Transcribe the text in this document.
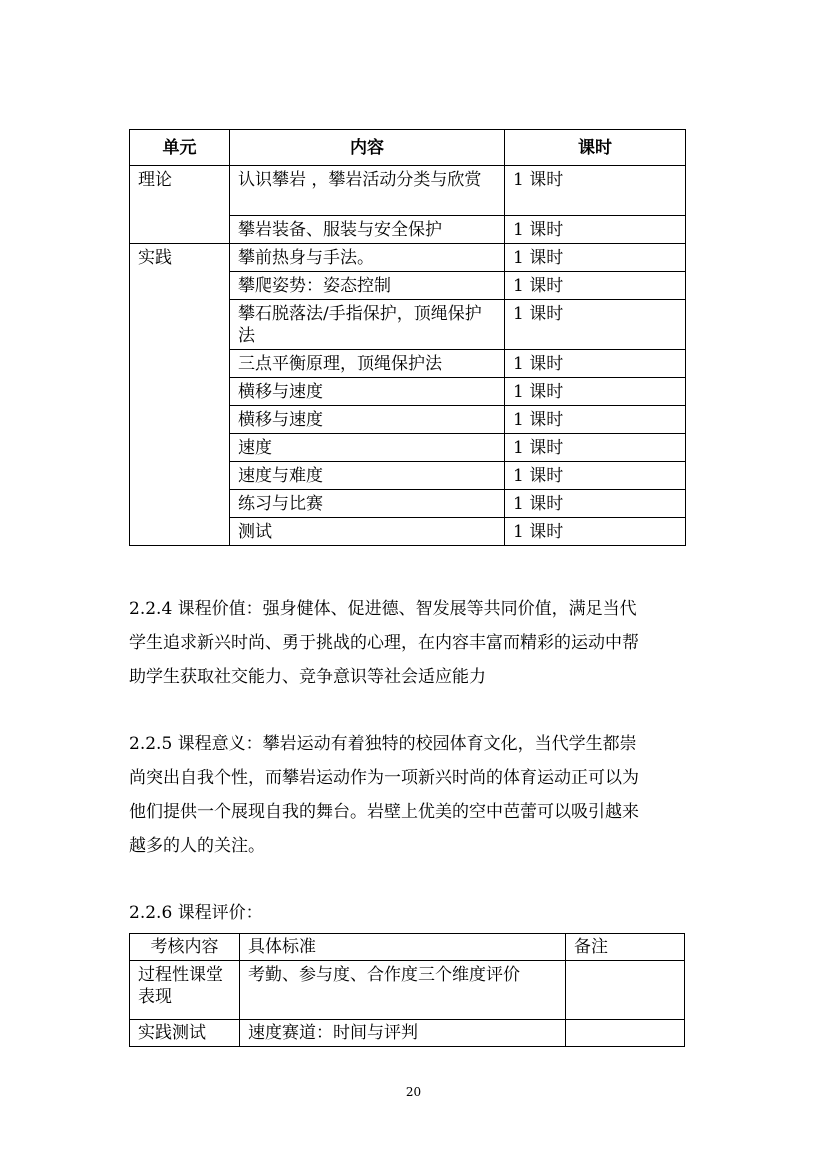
单元	内容	课时
理论	认识攀岩 ，攀岩活动分类与欣赏	1 课时
	攀岩装备、服装与安全保护	1 课时
实践	攀前热身与手法。	1 课时
	攀爬姿势：姿态控制	1 课时
	攀石脱落法/手指保护，顶绳保护法	1 课时
	三点平衡原理，顶绳保护法	1 课时
	横移与速度	1 课时
	横移与速度	1 课时
	速度	1 课时
	速度与难度	1 课时
	练习与比赛	1 课时
	测试	1 课时

2.2.4 课程价值：强身健体、促进德、智发展等共同价值，满足当代
学生追求新兴时尚、勇于挑战的心理，在内容丰富而精彩的运动中帮
助学生获取社交能力、竞争意识等社会适应能力

2.2.5 课程意义：攀岩运动有着独特的校园体育文化，当代学生都崇
尚突出自我个性，而攀岩运动作为一项新兴时尚的体育运动正可以为
他们提供一个展现自我的舞台。岩壁上优美的空中芭蕾可以吸引越来
越多的人的关注。

2.2.6 课程评价：

考核内容	具体标准	备注
过程性课堂表现	考勤、参与度、合作度三个维度评价	
实践测试	速度赛道：时间与评判	
20
